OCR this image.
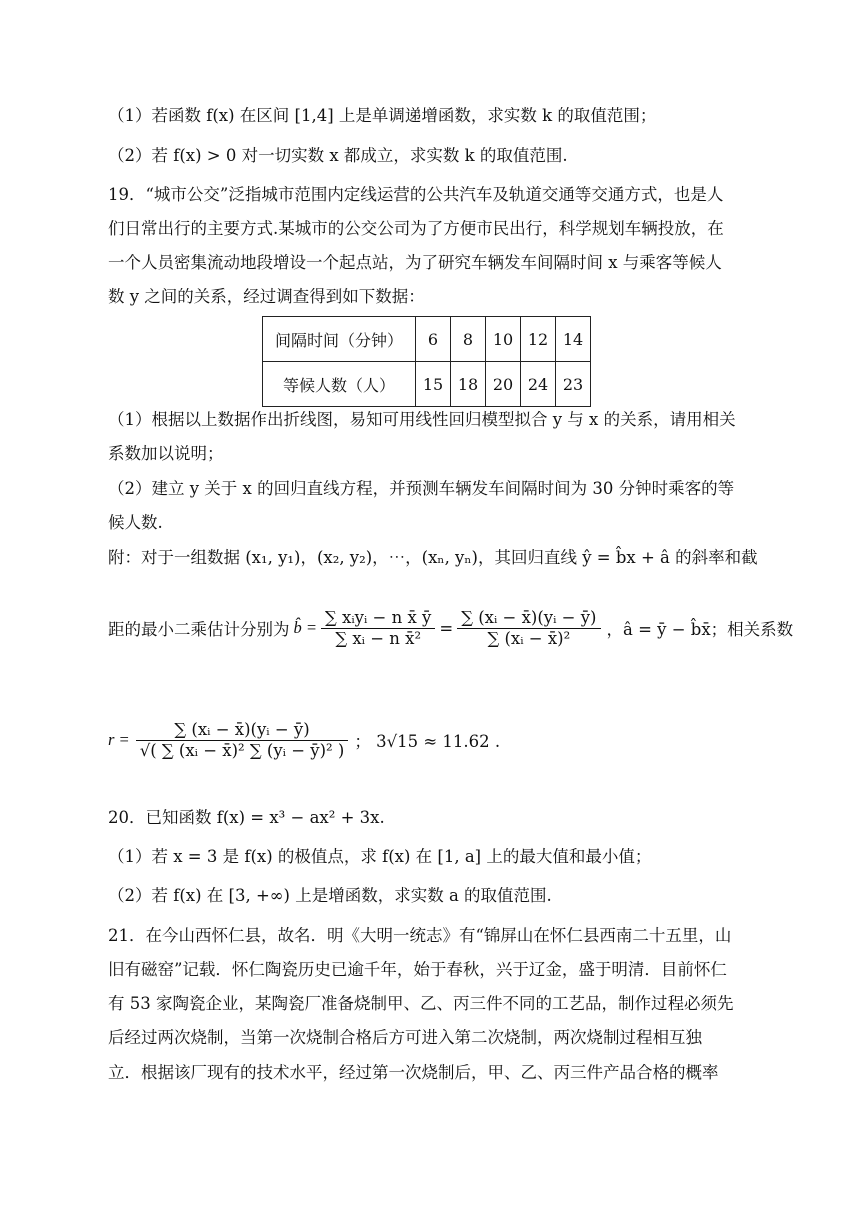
（1）若函数 f(x) 在区间 [1,4] 上是单调递增函数，求实数 k 的取值范围；
（2）若 f(x) > 0 对一切实数 x 都成立，求实数 k 的取值范围.
19．“城市公交”泛指城市范围内定线运营的公共汽车及轨道交通等交通方式，也是人
们日常出行的主要方式.某城市的公交公司为了方便市民出行，科学规划车辆投放，在
一个人员密集流动地段增设一个起点站，为了研究车辆发车间隔时间 x 与乘客等候人
数 y 之间的关系，经过调查得到如下数据：
间隔时间（分钟）	6	8	10	12	14
等候人数（人）	15	18	20	24	23
（1）根据以上数据作出折线图，易知可用线性回归模型拟合 y 与 x 的关系，请用相关
系数加以说明；
（2）建立 y 关于 x 的回归直线方程，并预测车辆发车间隔时间为 30 分钟时乘客的等
候人数.
附：对于一组数据 (x₁, y₁)，(x₂, y₂)，⋯，(xₙ, yₙ)，其回归直线 ŷ = b̂x + â 的斜率和截
距的最小二乘估计分别为 b̂ = $\frac{\text{∑ xᵢyᵢ − n x̄ ȳ}}{\text{∑ xᵢ − n x̄²}} = \frac{\text{∑ (xᵢ − x̄)(yᵢ − ȳ)}}{\text{∑ (xᵢ − x̄)²}}$ ，â = ȳ − b̂x̄；相关系数
$r = \frac{\text{∑ (xᵢ − x̄)(yᵢ − ȳ)}}{\text{√( ∑ (xᵢ − x̄)² ∑ (yᵢ − ȳ)² )}}$ ； 3√15 ≈ 11.62 .
20．已知函数 f(x) = x³ − ax² + 3x.
（1）若 x = 3 是 f(x) 的极值点，求 f(x) 在 [1, a] 上的最大值和最小值；
（2）若 f(x) 在 [3, +∞) 上是增函数，求实数 a 的取值范围.
21．在今山西怀仁县，故名．明《大明一统志》有“锦屏山在怀仁县西南二十五里，山
旧有磁窑”记载．怀仁陶瓷历史已逾千年，始于春秋，兴于辽金，盛于明清．目前怀仁
有 53 家陶瓷企业，某陶瓷厂准备烧制甲、乙、丙三件不同的工艺品，制作过程必须先
后经过两次烧制，当第一次烧制合格后方可进入第二次烧制，两次烧制过程相互独
立．根据该厂现有的技术水平，经过第一次烧制后，甲、乙、丙三件产品合格的概率
